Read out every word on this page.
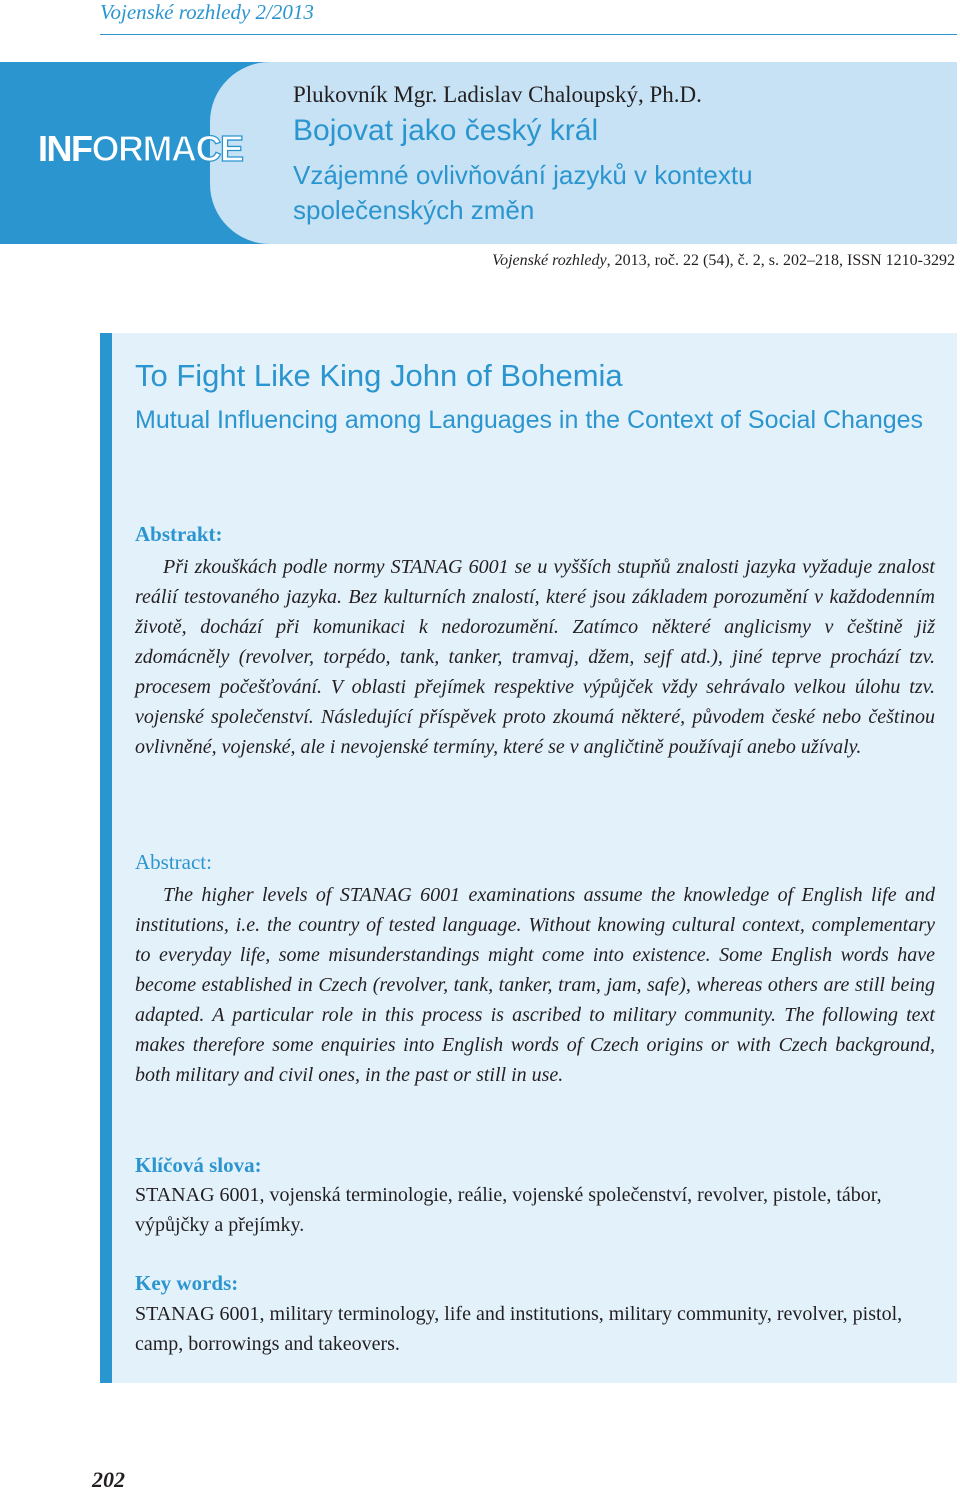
Vojenské rozhledy 2/2013
INFORMACE
Plukovník Mgr. Ladislav Chaloupský, Ph.D.
Bojovat jako český král
Vzájemné ovlivňování jazyků v kontextu společenských změn
Vojenské rozhledy, 2013, roč. 22 (54), č. 2, s. 202–218, ISSN 1210-3292
To Fight Like King John of Bohemia
Mutual Influencing among Languages in the Context of Social Changes
Abstrakt:
Při zkouškách podle normy STANAG 6001 se u vyšších stupňů znalosti jazyka vyžaduje znalost reálií testovaného jazyka. Bez kulturních znalostí, které jsou základem porozumění v každodenním životě, dochází při komunikaci k nedorozumění. Zatímco některé anglicismy v češtině již zdomácněly (revolver, torpédo, tank, tanker, tramvaj, džem, sejf atd.), jiné teprve prochází tzv. procesem počešťování. V oblasti přejímek respektive výpůjček vždy sehrávalo velkou úlohu tzv. vojenské společenství. Následující příspěvek proto zkoumá některé, původem české nebo češtinou ovlivněné, vojenské, ale i nevojenské termíny, které se v angličtině používají anebo užívaly.
Abstract:
The higher levels of STANAG 6001 examinations assume the knowledge of English life and institutions, i.e. the country of tested language. Without knowing cultural context, complementary to everyday life, some misunderstandings might come into existence. Some English words have become established in Czech (revolver, tank, tanker, tram, jam, safe), whereas others are still being adapted. A particular role in this process is ascribed to military community. The following text makes therefore some enquiries into English words of Czech origins or with Czech background, both military and civil ones, in the past or still in use.
Klíčová slova:
STANAG 6001, vojenská terminologie, reálie, vojenské společenství, revolver, pistole, tábor, výpůjčky a přejímky.
Key words:
STANAG 6001, military terminology, life and institutions, military community, revolver, pistol, camp, borrowings and takeovers.
202
